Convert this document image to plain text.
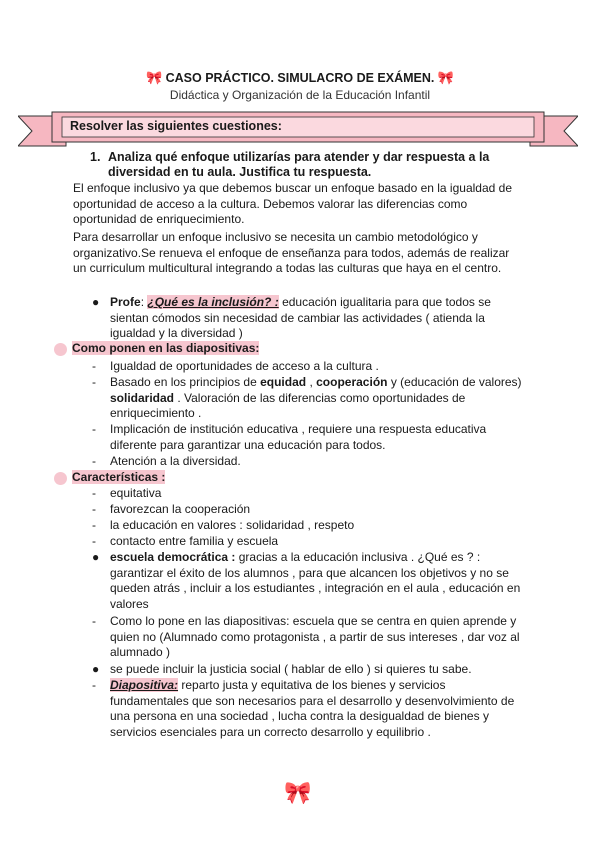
🎀 CASO PRÁCTICO. SIMULACRO DE EXÁMEN. 🎀
Didáctica y Organización de la Educación Infantil
Resolver las siguientes cuestiones:
1. Analiza qué enfoque utilizarías para atender y dar respuesta a la
diversidad en tu aula. Justifica tu respuesta.
El enfoque inclusivo ya que debemos buscar un enfoque basado en la igualdad de
oportunidad de acceso a la cultura. Debemos valorar las diferencias como
oportunidad de enriquecimiento.
Para desarrollar un enfoque inclusivo se necesita un cambio metodológico y
organizativo.Se renueva el enfoque de enseñanza para todos, además de realizar
un curriculum multicultural integrando a todas las culturas que haya en el centro.
● Profe: ¿Qué es la inclusión? : educación igualitaria para que todos se
sientan cómodos sin necesidad de cambiar las actividades ( atienda la
igualdad y la diversidad )
Como ponen en las diapositivas:
- Igualdad de oportunidades de acceso a la cultura .
- Basado en los principios de equidad , cooperación y (educación de valores)
solidaridad . Valoración de las diferencias como oportunidades de
enriquecimiento .
- Implicación de institución educativa , requiere una respuesta educativa
diferente para garantizar una educación para todos.
- Atención a la diversidad.
Características :
- equitativa
- favorezcan la cooperación
- la educación en valores : solidaridad , respeto
- contacto entre familia y escuela
● escuela democrática : gracias a la educación inclusiva . ¿Qué es ? :
garantizar el éxito de los alumnos , para que alcancen los objetivos y no se
queden atrás , incluir a los estudiantes , integración en el aula , educación en
valores
- Como lo pone en las diapositivas: escuela que se centra en quien aprende y
quien no (Alumnado como protagonista , a partir de sus intereses , dar voz al
alumnado )
● se puede incluir la justicia social ( hablar de ello ) si quieres tu sabe.
- Diapositiva: reparto justa y equitativa de los bienes y servicios
fundamentales que son necesarios para el desarrollo y desenvolvimiento de
una persona en una sociedad , lucha contra la desigualdad de bienes y
servicios esenciales para un correcto desarrollo y equilibrio .
🎀
